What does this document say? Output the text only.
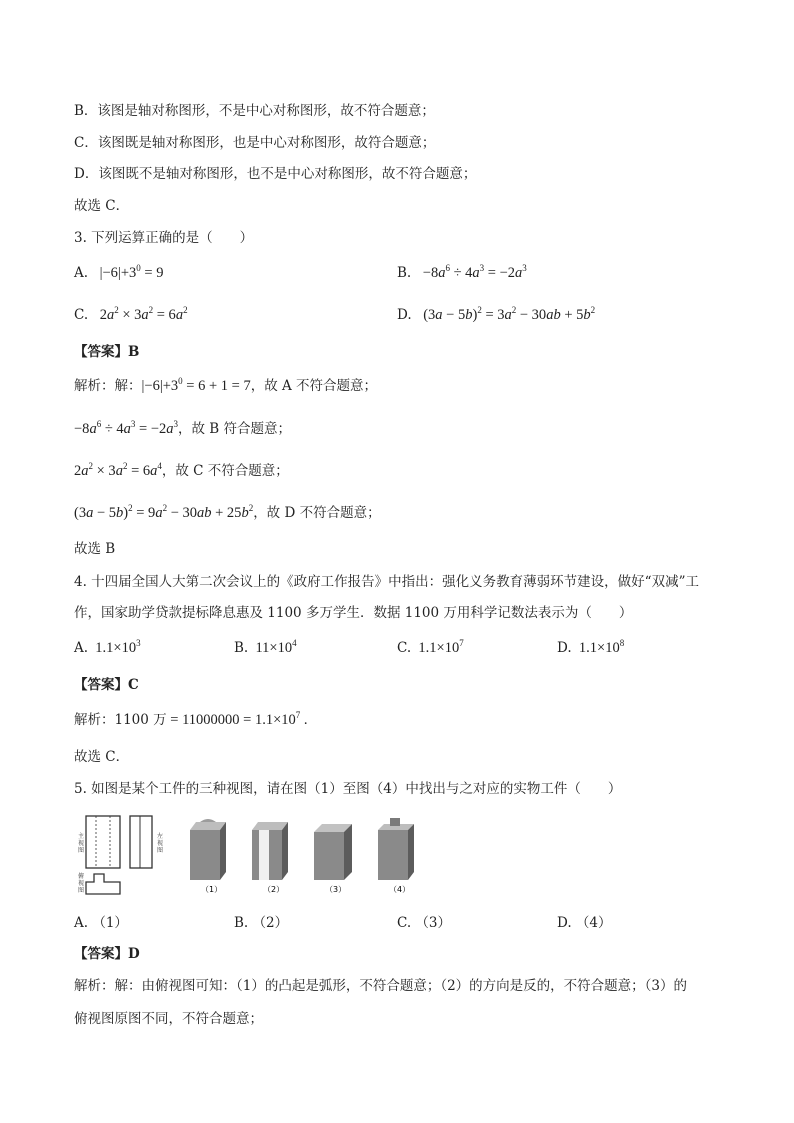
B．该图是轴对称图形，不是中心对称图形，故不符合题意；
C．该图既是轴对称图形，也是中心对称图形，故符合题意；
D．该图既不是轴对称图形，也不是中心对称图形，故不符合题意；
故选 C．
3. 下列运算正确的是（　　）
A.   $|-6|+3^0 = 9$	B.   $-8a^6 \div 4a^3 = -2a^3$
C.   $2a^2 \times 3a^2 = 6a^2$	D.   $(3a - 5b)^2 = 3a^2 - 30ab + 5b^2$
【答案】B
解析：解：$|-6|+3^0 = 6 + 1 = 7$，故 A 不符合题意；
$-8a^6 \div 4a^3 = -2a^3$，故 B 符合题意；
$2a^2 \times 3a^2 = 6a^4$，故 C 不符合题意；
$(3a - 5b)^2 = 9a^2 - 30ab + 25b^2$，故 D 不符合题意；
故选 B
4. 十四届全国人大第二次会议上的《政府工作报告》中指出：强化义务教育薄弱环节建设，做好“双减”工
作，国家助学贷款提标降息惠及 1100 多万学生．数据 1100 万用科学记数法表示为（　　）
A.  $1.1\times 10^3$	B.  $11\times 10^4$	C.  $1.1\times 10^7$	D.  $1.1\times 10^8$
【答案】C
解析：1100 万 = $11000000 = 1.1\times 10^7$ .
故选 C．
5. 如图是某个工件的三种视图，请在图（1）至图（4）中找出与之对应的实物工件（　　）
主
视
图
左
视
图
俯
视
图	（1）	（2）	（3）	（4）
A. （1）	B. （2）	C. （3）	D. （4）
【答案】D
解析：解：由俯视图可知：（1）的凸起是弧形，不符合题意；（2）的方向是反的，不符合题意；（3）的
俯视图原图不同，不符合题意；
